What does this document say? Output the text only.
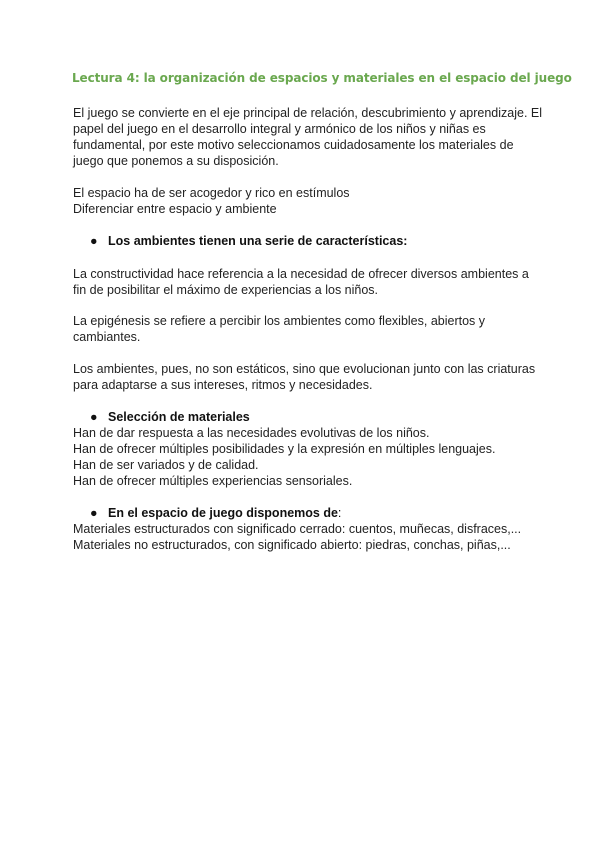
Lectura 4: la organización de espacios y materiales en el espacio del juego
El juego se convierte en el eje principal de relación, descubrimiento y aprendizaje. El
papel del juego en el desarrollo integral y armónico de los niños y niñas es
fundamental, por este motivo seleccionamos cuidadosamente los materiales de
juego que ponemos a su disposición.
El espacio ha de ser acogedor y rico en estímulos
Diferenciar entre espacio y ambiente
● Los ambientes tienen una serie de características:
La constructividad hace referencia a la necesidad de ofrecer diversos ambientes a
fin de posibilitar el máximo de experiencias a los niños.
La epigénesis se refiere a percibir los ambientes como flexibles, abiertos y
cambiantes.
Los ambientes, pues, no son estáticos, sino que evolucionan junto con las criaturas
para adaptarse a sus intereses, ritmos y necesidades.
● Selección de materiales
Han de dar respuesta a las necesidades evolutivas de los niños.
Han de ofrecer múltiples posibilidades y la expresión en múltiples lenguajes.
Han de ser variados y de calidad.
Han de ofrecer múltiples experiencias sensoriales.
● En el espacio de juego disponemos de:
Materiales estructurados con significado cerrado: cuentos, muñecas, disfraces,...
Materiales no estructurados, con significado abierto: piedras, conchas, piñas,...
